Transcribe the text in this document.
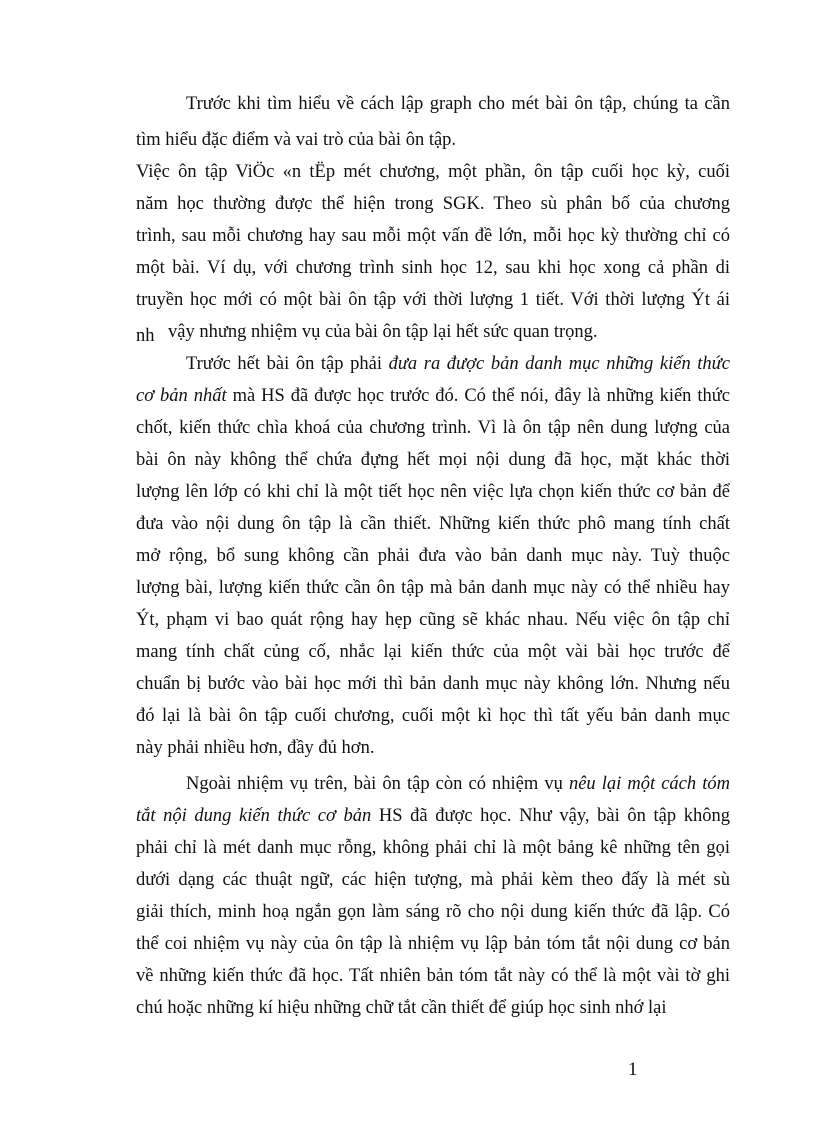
Trước khi tìm hiểu về cách lập graph cho mét bài ôn tập, chúng ta cần
tìm hiểu đặc điểm và vai trò của bài ôn tập.
Việc ôn tập ViÖc «n tËp mét chương, một phần, ôn tập cuối học kỳ, cuối
năm học thường được thể hiện trong SGK. Theo sù phân bố của chương
trình, sau mỗi chương hay sau mỗi một vấn đề lớn, mỗi học kỳ thường chỉ có
một bài. Ví dụ, với chương trình sinh học 12, sau khi học xong cả phần di
truyền học mới có một bài ôn tập với thời lượng 1 tiết. Với thời lượng Ýt ái
nh vậy nhưng nhiệm vụ của bài ôn tập lại hết sức quan trọng.
Trước hết bài ôn tập phải đưa ra được bản danh mục những kiến thức
cơ bản nhất mà HS đã được học trước đó. Có thể nói, đây là những kiến thức
chốt, kiến thức chìa khoá của chương trình. Vì là ôn tập nên dung lượng của
bài ôn này không thể chứa đựng hết mọi nội dung đã học, mặt khác thời
lượng lên lớp có khi chỉ là một tiết học nên việc lựa chọn kiến thức cơ bản để
đưa vào nội dung ôn tập là cần thiết. Những kiến thức phô mang tính chất
mở rộng, bổ sung không cần phải đưa vào bản danh mục này. Tuỳ thuộc
lượng bài, lượng kiến thức cần ôn tập mà bản danh mục này có thể nhiều hay
Ýt, phạm vi bao quát rộng hay hẹp cũng sẽ khác nhau. Nếu việc ôn tập chỉ
mang tính chất củng cố, nhắc lại kiến thức của một vài bài học trước để
chuẩn bị bước vào bài học mới thì bản danh mục này không lớn. Nhưng nếu
đó lại là bài ôn tập cuối chương, cuối một kì học thì tất yếu bản danh mục
này phải nhiều hơn, đầy đủ hơn.
Ngoài nhiệm vụ trên, bài ôn tập còn có nhiệm vụ nêu lại một cách tóm
tắt nội dung kiến thức cơ bản HS đã được học. Như vậy, bài ôn tập không
phải chỉ là mét danh mục rỗng, không phải chỉ là một bảng kê những tên gọi
dưới dạng các thuật ngữ, các hiện tượng, mà phải kèm theo đấy là mét sù
giải thích, minh hoạ ngắn gọn làm sáng rõ cho nội dung kiến thức đã lập. Có
thể coi nhiệm vụ này của ôn tập là nhiệm vụ lập bản tóm tắt nội dung cơ bản
về những kiến thức đã học. Tất nhiên bản tóm tắt này có thể là một vài tờ ghi
chú hoặc những kí hiệu những chữ tắt cần thiết để giúp học sinh nhớ lại
1
